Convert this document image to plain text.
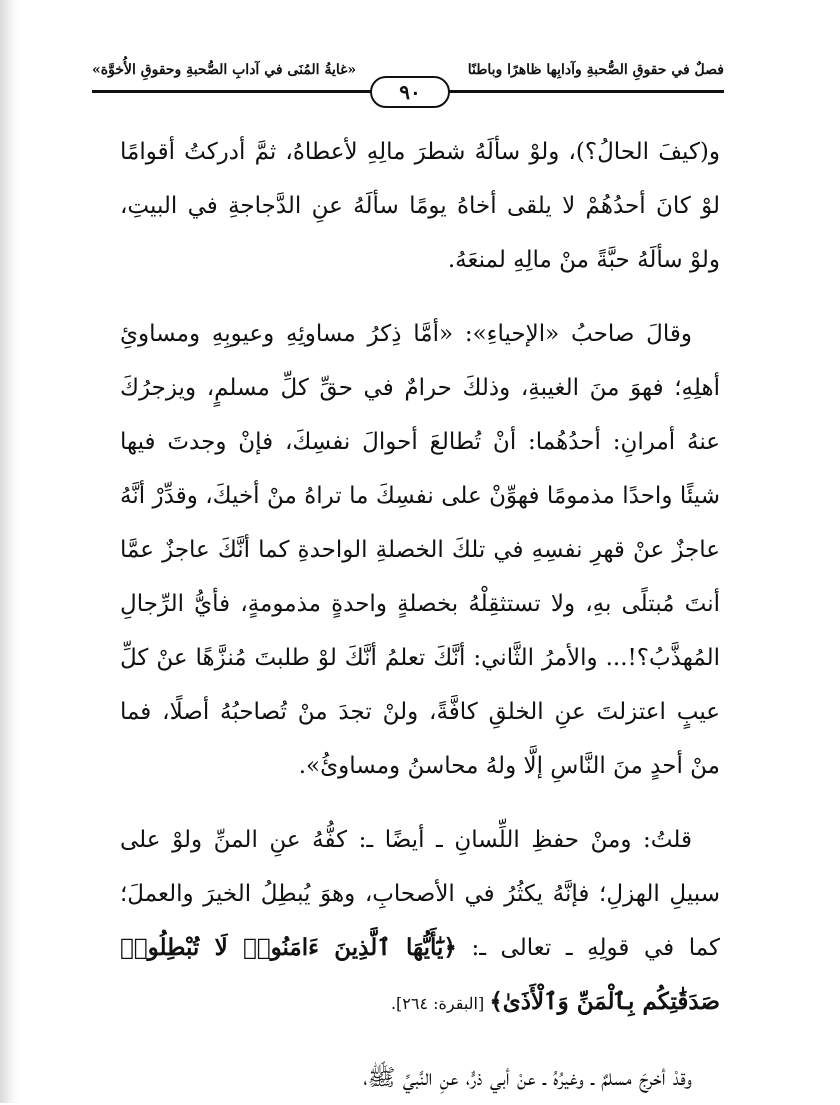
فصلٌ في حقوقِ الصُّحبةِ وآدابِها ظاهرًا وباطنًا
«غايةُ المُنَى في آدابِ الصُّحبةِ وحقوقِ الأُخوَّة»
٩٠

و(كيفَ الحالُ؟)، ولوْ سألَهُ شطرَ مالِهِ لأعطاهُ، ثمَّ أدركتُ أقوامًا لوْ كانَ أحدُهُمْ لا يلقى أخاهُ يومًا سألَهُ عنِ الدَّجاجةِ في البيتِ، ولوْ سألَهُ حبَّةً منْ مالِهِ لمنعَهُ.

وقالَ صاحبُ «الإحياءِ»: «أمَّا ذِكرُ مساوئِهِ وعيوبِهِ ومساوئِ أهلِهِ؛ فهوَ منَ الغيبةِ، وذلكَ حرامٌ في حقِّ كلِّ مسلمٍ، ويزجرُكَ عنهُ أمرانِ: أحدُهُما: أنْ تُطالعَ أحوالَ نفسِكَ، فإنْ وجدتَ فيها شيئًا واحدًا مذمومًا فهوِّنْ على نفسِكَ ما تراهُ منْ أخيكَ، وقدِّرْ أنَّهُ عاجزٌ عنْ قهرِ نفسِهِ في تلكَ الخصلةِ الواحدةِ كما أنَّكَ عاجزٌ عمَّا أنتَ مُبتلًى بهِ، ولا تستثقِلْهُ بخصلةٍ واحدةٍ مذمومةٍ، فأيُّ الرِّجالِ المُهذَّبُ؟!... والأمرُ الثَّاني: أنَّكَ تعلمُ أنَّكَ لوْ طلبتَ مُنزَّهًا عنْ كلِّ عيبٍ اعتزلتَ عنِ الخلقِ كافَّةً، ولنْ تجدَ منْ تُصاحبُهُ أصلًا، فما منْ أحدٍ منَ النَّاسِ إلَّا ولهُ محاسنُ ومساوئُ».

قلتُ: ومنْ حفظِ اللِّسانِ ـ أيضًا ـ: كفُّهُ عنِ المنِّ ولوْ على سبيلِ الهزلِ؛ فإنَّهُ يكثُرُ في الأصحابِ، وهوَ يُبطِلُ الخيرَ والعملَ؛ كما في قولِهِ ـ تعالى ـ: ﴿يَٰٓأَيُّهَا ٱلَّذِينَ ءَامَنُوا۟ لَا تُبْطِلُوا۟ صَدَقَٰتِكُم بِٱلْمَنِّ وَٱلْأَذَىٰ﴾ [البقرة: ٢٦٤].

وقدْ أخرجَ مسلمٌ ـ وغيرُهُ ـ عنْ أبي ذرٍّ، عنِ النَّبيِّ ﷺ،
